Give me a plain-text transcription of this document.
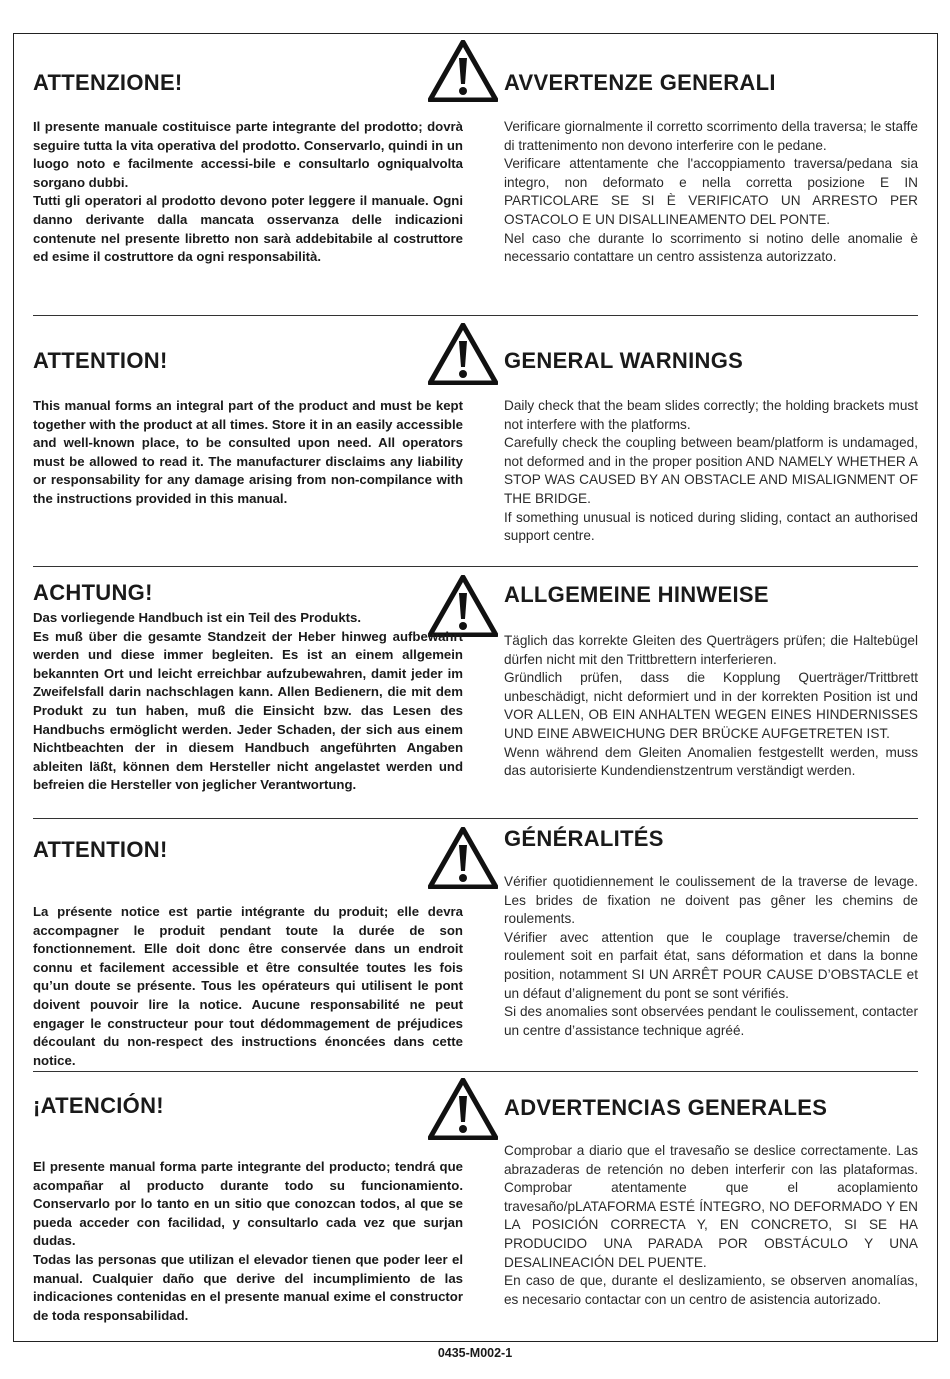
ATTENZIONE!	AVVERTENZE GENERALI
Il presente manuale costituisce parte integrante del prodotto; dovrà seguire tutta la vita operativa del prodotto. Conservarlo, quindi in un luogo noto e facilmente accessi-bile e consultarlo ogniqualvolta sorgano dubbi.
Tutti gli operatori al prodotto devono poter leggere il manuale. Ogni danno derivante dalla mancata osservanza delle indicazioni contenute nel presente libretto non sarà addebitabile al costruttore ed esime il costruttore da ogni responsabilità.
Verificare giornalmente il corretto scorrimento della traversa; le staffe di trattenimento non devono interferire con le pedane.
Verificare attentamente che l'accoppiamento traversa/pedana sia integro, non deformato e nella corretta posizione E IN PARTICOLARE SE SI È VERIFICATO UN ARRESTO PER OSTACOLO E UN DISALLINEAMENTO DEL PONTE.
Nel caso che durante lo scorrimento si notino delle anomalie è necessario contattare un centro assistenza autorizzato.
ATTENTION!	GENERAL WARNINGS
This manual forms an integral part of the product and must be kept together with the product at all times. Store it in an easily accessible and well-known place, to be consulted upon need. All operators must be allowed to read it. The manufacturer disclaims any liability or responsability for any damage arising from non-compilance with the instructions provided in this manual.
Daily check that the beam slides correctly; the holding brackets must not interfere with the platforms.
Carefully check the coupling between beam/platform is undamaged, not deformed and in the proper position AND NAMELY WHETHER A STOP WAS CAUSED BY AN OBSTACLE AND MISALIGNMENT OF THE BRIDGE.
If something unusual is noticed during sliding, contact an authorised support centre.
ACHTUNG!	ALLGEMEINE HINWEISE
Das vorliegende Handbuch ist ein Teil des Produkts.
Es muß über die gesamte Standzeit der Heber hinweg aufbewahrt werden und diese immer begleiten. Es ist an einem allgemein bekannten Ort und leicht erreichbar aufzubewahren, damit jeder im Zweifelsfall darin nachschlagen kann. Allen Bedienern, die mit dem Produkt zu tun haben, muß die Einsicht bzw. das Lesen des Handbuchs ermöglicht werden. Jeder Schaden, der sich aus einem Nichtbeachten der in diesem Handbuch angeführten Angaben ableiten läßt, können dem Hersteller nicht angelastet werden und befreien die Hersteller von jeglicher Verantwortung.
Täglich das korrekte Gleiten des Querträgers prüfen; die Haltebügel dürfen nicht mit den Trittbrettern interferieren.
Gründlich prüfen, dass die Kopplung Querträger/Trittbrett unbeschädigt, nicht deformiert und in der korrekten Position ist und VOR ALLEN, OB EIN ANHALTEN WEGEN EINES HINDERNISSES UND EINE ABWEICHUNG DER BRÜCKE AUFGETRETEN IST.
Wenn während dem Gleiten Anomalien festgestellt werden, muss das autorisierte Kundendienstzentrum verständigt werden.
ATTENTION!	GÉNÉRALITÉS
La présente notice est partie intégrante du produit; elle devra accompagner le produit pendant toute la durée de son fonctionnement. Elle doit donc être conservée dans un endroit connu et facilement accessible et être consultée toutes les fois qu’un doute se présente. Tous les opérateurs qui utilisent le pont doivent pouvoir lire la notice. Aucune responsabilité ne peut engager le constructeur pour tout dédommagement de préjudices découlant du non-respect des instructions énoncées dans cette notice.
Vérifier quotidiennement le coulissement de la traverse de levage. Les brides de fixation ne doivent pas gêner les chemins de roulements.
Vérifier avec attention que le couplage traverse/chemin de roulement soit en parfait état, sans déformation et dans la bonne position, notamment SI UN ARRÊT POUR CAUSE D’OBSTACLE et un défaut d’alignement du pont se sont vérifiés.
Si des anomalies sont observées pendant le coulissement, contacter un centre d’assistance technique agréé.
¡ATENCIÓN!	ADVERTENCIAS GENERALES
El presente manual forma parte integrante del producto; tendrá que acompañar al producto durante todo su funcionamiento. Conservarlo por lo tanto en un sitio que conozcan todos, al que se pueda acceder con facilidad, y consultarlo cada vez que surjan dudas.
Todas las personas que utilizan el elevador tienen que poder leer el manual. Cualquier daño que derive del incumplimiento de las indicaciones contenidas en el presente manual exime el constructor de toda responsabilidad.
Comprobar a diario que el travesaño se deslice correctamente. Las abrazaderas de retención no deben interferir con las plataformas. Comprobar atentamente que el acoplamiento travesaño/pLATAFORMA ESTÉ ÍNTEGRO, NO DEFORMADO Y EN LA POSICIÓN CORRECTA Y, EN CONCRETO, SI SE HA PRODUCIDO UNA PARADA POR OBSTÁCULO Y UNA DESALINEACIÓN DEL PUENTE.
En caso de que, durante el deslizamiento, se observen anomalías, es necesario contactar con un centro de asistencia autorizado.
0435-M002-1
